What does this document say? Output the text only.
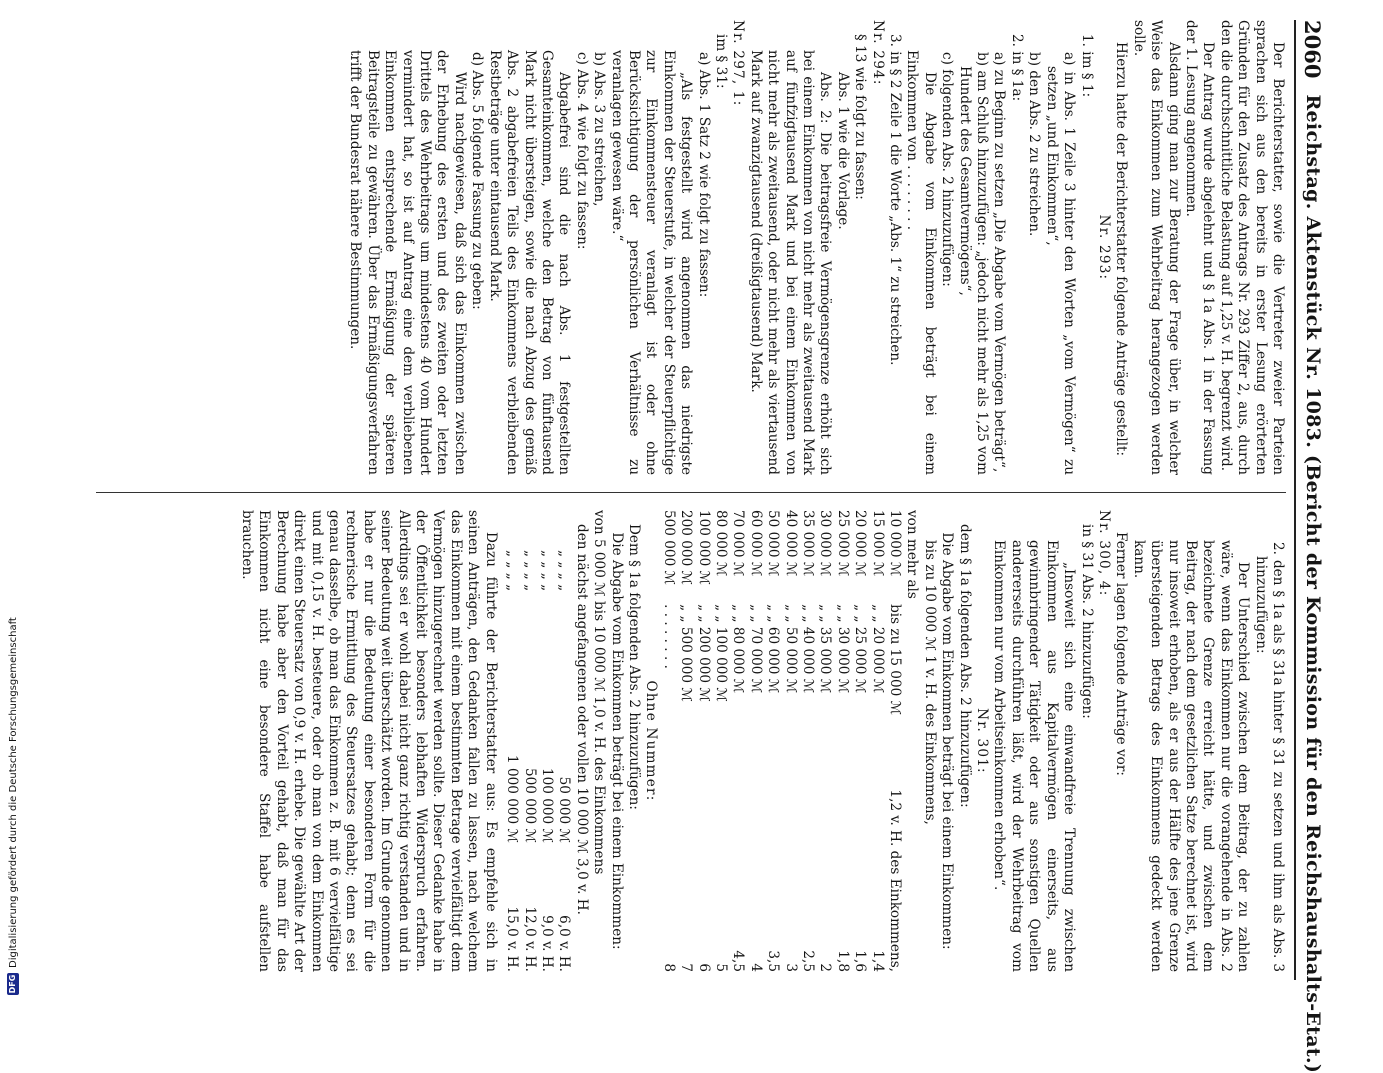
2060
Reichstag. Aktenstück Nr. 1083. (Bericht der Kommission für den Reichshaushalts-Etat.)

Der Berichterstatter, sowie die Vertreter zweier Parteien sprachen sich aus den bereits in erster Lesung erörterten Gründen für den Zusatz des Antrags Nr. 293 Ziffer 2, aus, durch den die durchschnittliche Belastung auf 1,25 v. H. begrenzt wird.

Der Antrag wurde abgelehnt und § 1a Abs. 1 in der Fassung der 1. Lesung angenommen.

Alsdann ging man zur Beratung der Frage über, in welcher Weise das Einkommen zum Wehrbeitrag herangezogen werden solle.

Hierzu hatte der Berichterstatter folgende Anträge gestellt:

Nr. 293:

1. im § 1:

a) in Abs. 1 Zeile 3 hinter den Worten „vom Vermögen“ zu setzen „und Einkommen“,

b) den Abs. 2 zu streichen.

2. in § 1a:

a) zu Beginn zu setzen „Die Abgabe vom Vermögen beträgt“,

b) am Schluß hinzuzufügen: „jedoch nicht mehr als 1,25 vom Hundert des Gesamtvermögens“,

c) folgenden Abs. 2 hinzuzufügen:

Die Abgabe vom Einkommen beträgt bei einem Einkommen von . . . . . . . .

3. in § 2 Zeile 1 die Worte „Abs. 1“ zu streichen.

Nr. 294:

§ 13 wie folgt zu fassen:

Abs. 1 wie die Vorlage.

Abs. 2: Die beitragsfreie Vermögensgrenze erhöht sich bei einem Einkommen von nicht mehr als zweitausend Mark auf fünfzigtausend Mark und bei einem Einkommen von nicht mehr als zweitausend, oder nicht mehr als viertausend Mark auf zwanzigtausend (dreißigtausend) Mark.

Nr. 297, 1:

im § 31:

a) Abs. 1 Satz 2 wie folgt zu fassen:

„Als festgestellt wird angenommen das niedrigste Einkommen der Steuerstufe, in welcher der Steuerpflichtige zur Einkommensteuer veranlagt ist oder ohne Berücksichtigung der persönlichen Verhältnisse zu veranlagen gewesen wäre.“

b) Abs. 3 zu streichen,

c) Abs. 4 wie folgt zu fassen:

Abgabefrei sind die nach Abs. 1 festgestellten Gesamteinkommen, welche den Betrag von fünftausend Mark nicht übersteigen, sowie die nach Abzug des gemäß Abs. 2 abgabefreien Teils des Einkommens verbleibenden Restbeträge unter eintausend Mark.

d) Abs. 5 folgende Fassung zu geben:

Wird nachgewiesen, daß sich das Einkommen zwischen der Erhebung des ersten und des zweiten oder letzten Drittels des Wehrbeitrags um mindestens 40 vom Hundert vermindert hat, so ist auf Antrag eine dem verbliebenen Einkommen entsprechende Ermäßigung der späteren Beitragsteile zu gewähren. Über das Ermäßigungsverfahren trifft der Bundesrat nähere Bestimmungen.

2. den § 1a als § 31a hinter § 31 zu setzen und ihm als Abs. 3 hinzuzufügen:

Der Unterschied zwischen dem Beitrag, der zu zahlen wäre, wenn das Einkommen nur die vorangehende in Abs. 2 bezeichnete Grenze erreicht hätte, und zwischen dem Beitrag, der nach dem gesetzlichen Satze berechnet ist, wird nur insoweit erhoben, als er aus der Hälfte des jene Grenze übersteigenden Betrags des Einkommens gedeckt werden kann.

Ferner lagen folgende Anträge vor:

Nr. 300, 4:

in § 31 Abs. 2 hinzuzufügen:

„Insoweit sich eine einwandfreie Trennung zwischen Einkommen aus Kapitalvermögen einerseits, aus gewinnbringender Tätigkeit oder aus sonstigen Quellen andererseits durchführen läßt, wird der Wehrbeitrag vom Einkommen nur vom Arbeitseinkommen erhoben“.

Nr. 301:

dem § 1a folgenden Abs. 2 hinzuzufügen:

Die Abgabe vom Einkommen beträgt bei einem Einkommen:

bis zu 10 000 ℳ 1 v. H. des Einkommens,

von mehr als

10 000 ℳ	bis zu 15 000 ℳ	1,2 v. H. des Einkommens,
15 000 ℳ	„ „ 20 000 ℳ	1,4
20 000 ℳ	„ „ 25 000 ℳ	1,6
25 000 ℳ	„ „ 30 000 ℳ	1,8
30 000 ℳ	„ „ 35 000 ℳ	2
35 000 ℳ	„ „ 40 000 ℳ	2,5
40 000 ℳ	„ „ 50 000 ℳ	3
50 000 ℳ	„ „ 60 000 ℳ	3,5
60 000 ℳ	„ „ 70 000 ℳ	4
70 000 ℳ	„ „ 80 000 ℳ	4,5
80 000 ℳ	„ „ 100 000 ℳ	5
100 000 ℳ	„ „ 200 000 ℳ	6
200 000 ℳ	„ „ 500 000 ℳ	7
500 000 ℳ	. . . . . . . .	8

Ohne Nummer:

Dem § 1a folgenden Abs. 2 hinzuzufügen:

Die Abgabe vom Einkommen beträgt bei einem Einkommen:

von 5 000 ℳ bis 10 000 ℳ 1,0 v. H. des Einkommens

den nächst angefangenen oder vollen 10 000 ℳ 3,0 v. H.

„ „ „ „	50 000 ℳ	6,0 v. H.
„ „ „ „	100 000 ℳ	9,0 v. H.
„ „ „ „	500 000 ℳ	12,0 v. H.
„ „ „ „	1 000 000 ℳ	15,0 v. H.

Dazu führte der Berichterstatter aus: Es empfehle sich in seinen Anträgen, den Gedanken fallen zu lassen, nach welchem das Einkommen mit einem bestimmten Betrage vervielfältigt dem Vermögen hinzugerechnet werden sollte. Dieser Gedanke habe in der Öffentlichkeit besonders lebhaften Widerspruch erfahren. Allerdings sei er wohl dabei nicht ganz richtig verstanden und in seiner Bedeutung weit überschätzt worden. Im Grunde genommen habe er nur die Bedeutung einer besonderen Form für die rechnerische Ermittlung des Steuersatzes gehabt; denn es sei genau dasselbe, ob man das Einkommen z. B. mit 6 vervielfältige und mit 0,15 v. H. besteuere, oder ob man von dem Einkommen direkt einen Steuersatz von 0,9 v. H. erhebe. Die gewählte Art der Berechnung habe aber den Vorteil gehabt, daß man für das Einkommen nicht eine besondere Staffel habe aufstellen brauchen.

DFG
Digitalisierung gefördert durch die Deutsche Forschungsgemeinschaft
